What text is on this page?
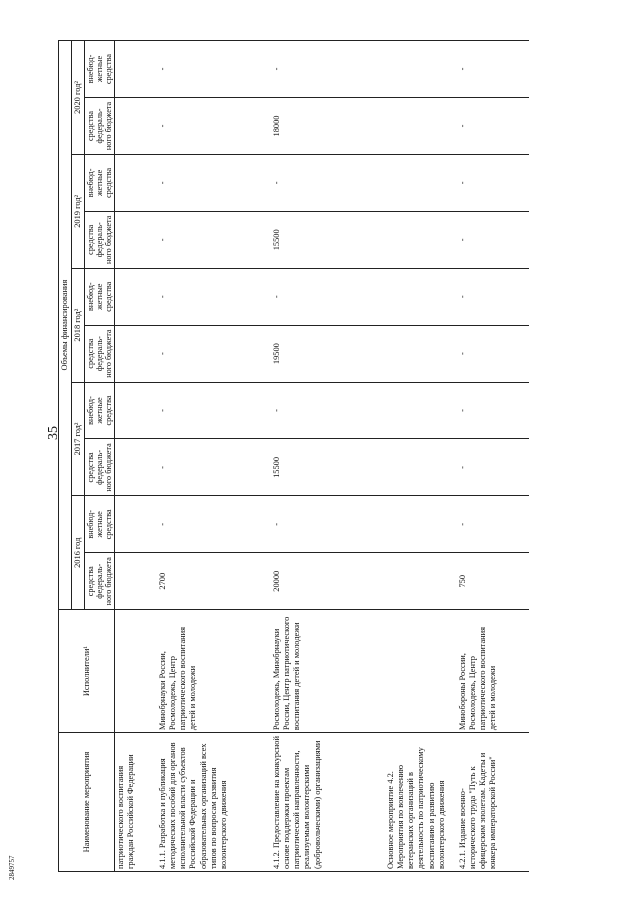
35
2849757
Наименование мероприятия	Исполнители¹	Объемы финансирования									
		2016 год		2017 год²		2018 год²		2019 год²		2020 год²	
		средства федераль- ного бюджета	внебюд- жетные средства	средства федераль- ного бюджета	внебюд- жетные средства	средства федераль- ного бюджета	внебюд- жетные средства	средства федераль- ного бюджета	внебюд- жетные средства	средства федераль- ного бюджета	внебюд- жетные средства
патриотического воспитания граждан Российской Федерации											
4.1.1. Разработка и публикация методических пособий для органов исполнительной власти субъектов Российской Федерации и образовательных организаций всех типов по вопросам развития волонтерского движения	Минобрнауки России, Росмолодежь, Центр патриотического воспитания детей и молодежи	2700	-	-	-	-	-	-	-	-	-
4.1.2. Предоставление на конкурсной основе поддержки проектам патриотической направленности, реализуемым волонтерскими (добровольческими) организациями	Росмолодежь, Минобрнауки России, Центр патриотического воспитания детей и молодежи	20000	-	15500	-	19500	-	15500	-	18000	-
Основное мероприятие 4.2. Мероприятия по вовлечению ветеранских организаций в деятельность по патриотическому воспитанию и развитию волонтерского движения											
4.2.1. Издание военно- исторического труда "Путь к офицерским эполетам. Кадеты и юнкера императорской России"	Минобороны России, Росмолодежь, Центр патриотического воспитания детей и молодежи	750	-	-	-	-	-	-	-	-	-
